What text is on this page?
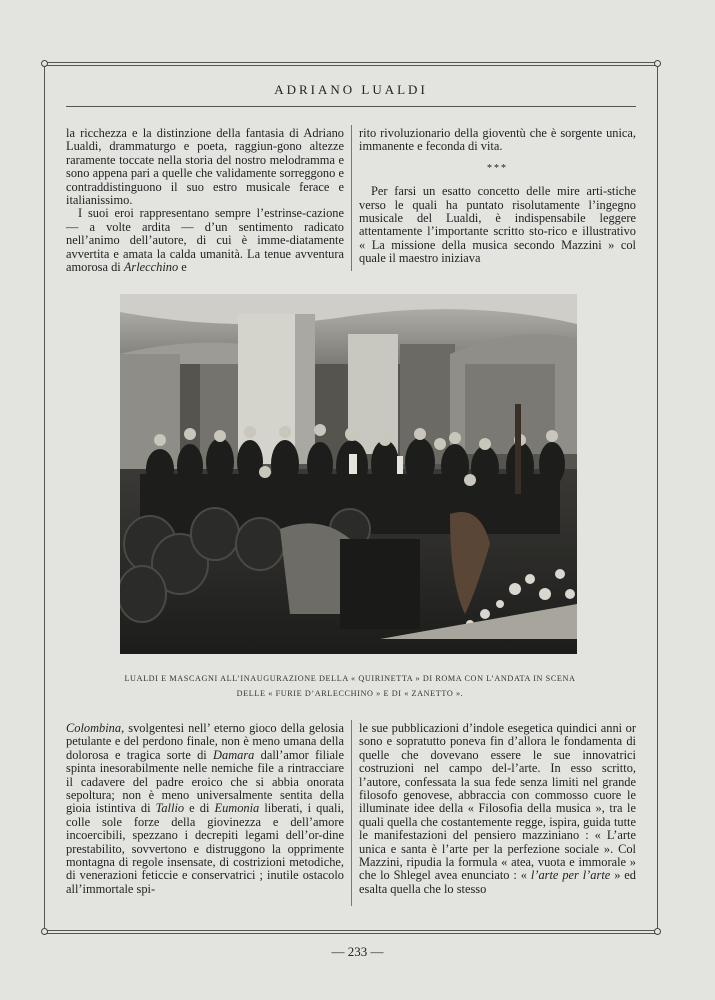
ADRIANO LUALDI

la ricchezza e la distinzione della fantasia di Adriano Lualdi, drammaturgo e poeta, raggiun-gono altezze raramente toccate nella storia del nostro melodramma e sono appena pari a quelle che validamente sorreggono e contraddistinguono il suo estro musicale ferace e italianissimo.

I suoi eroi rappresentano sempre l’estrinse-cazione — a volte ardita — d’un sentimento radicato nell’animo dell’autore, di cui è imme-diatamente avvertita e amata la calda umanità. La tenue avventura amorosa di Arlecchino e

rito rivoluzionario della gioventù che è sorgente unica, immanente e feconda di vita.

***

Per farsi un esatto concetto delle mire arti-stiche verso le quali ha puntato risolutamente l’ingegno musicale del Lualdi, è indispensabile leggere attentamente l’importante scritto sto-rico e illustrativo « La missione della musica secondo Mazzini » col quale il maestro iniziava

LUALDI E MASCAGNI ALL’INAUGURAZIONE DELLA « QUIRINETTA » DI ROMA CON L’ANDATA IN SCENA
DELLE « FURIE D’ARLECCHINO » E DI « ZANETTO ».

Colombina, svolgentesi nell’ eterno gioco della gelosia petulante e del perdono finale, non è meno umana della dolorosa e tragica sorte di Damara dall’amor filiale spinta inesorabilmente nelle nemiche file a rintracciare il cadavere del padre eroico che si abbia onorata sepoltura; non è meno universalmente sentita della gioia istintiva di Tallio e di Eumonia liberati, i quali, colle sole forze della giovinezza e dell’amore incoercibili, spezzano i decrepiti legami dell’or-dine prestabilito, sovvertono e distruggono la opprimente montagna di regole insensate, di costrizioni metodiche, di venerazioni feticcie e conservatrici ; inutile ostacolo all’immortale spi-

le sue pubblicazioni d’indole esegetica quindici anni or sono e sopratutto poneva fin d’allora le fondamenta di quelle che dovevano essere le sue innovatrici costruzioni nel campo del-l’arte. In esso scritto, l’autore, confessata la sua fede senza limiti nel grande filosofo genovese, abbraccia con commosso cuore le illuminate idee della « Filosofia della musica », tra le quali quella che costantemente regge, ispira, guida tutte le manifestazioni del pensiero mazziniano : « L’arte unica e santa è l’arte per la perfezione sociale ». Col Mazzini, ripudia la formula « atea, vuota e immorale » che lo Shlegel avea enunciato : « l’arte per l’arte » ed esalta quella che lo stesso

— 233 —
